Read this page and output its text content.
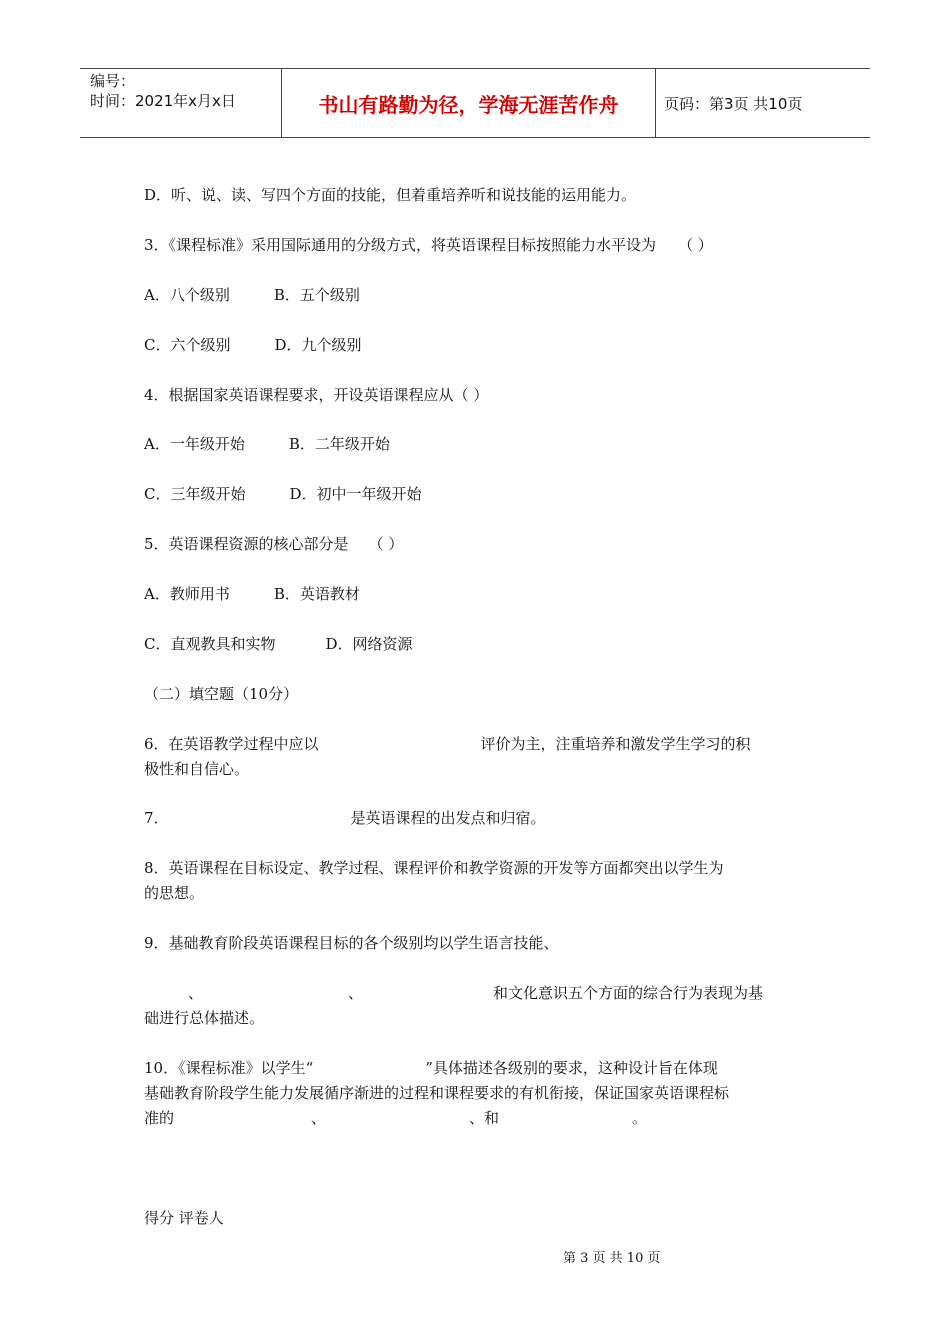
编号：
时间：2021年x月x日	书山有路勤为径，学海无涯苦作舟	页码：第3页 共10页
D．听、说、读、写四个方面的技能，但着重培养听和说技能的运用能力。
3．《课程标准》采用国际通用的分级方式，将英语课程目标按照能力水平设为 （ ）
A．八个级别	B．五个级别
C．六个级别	D．九个级别
4．根据国家英语课程要求，开设英语课程应从（ ）
A．一年级开始	B．二年级开始
C．三年级开始	D．初中一年级开始
5．英语课程资源的核心部分是 （ ）
A．教师用书	B．英语教材
C．直观教具和实物	D．网络资源
（二）填空题（10分）
6．在英语教学过程中应以	评价为主，注重培养和激发学生学习的积
极性和自信心。
7．	是英语课程的出发点和归宿。
8．英语课程在目标设定、教学过程、课程评价和教学资源的开发等方面都突出以学生为
的思想。
9．基础教育阶段英语课程目标的各个级别均以学生语言技能、
、	、	和文化意识五个方面的综合行为表现为基
础进行总体描述。
10．《课程标准》以学生“	”具体描述各级别的要求，这种设计旨在体现
基础教育阶段学生能力发展循序渐进的过程和课程要求的有机衔接，保证国家英语课程标
准的	、	、和	。
得分 评卷人
第 3 页 共 10 页
